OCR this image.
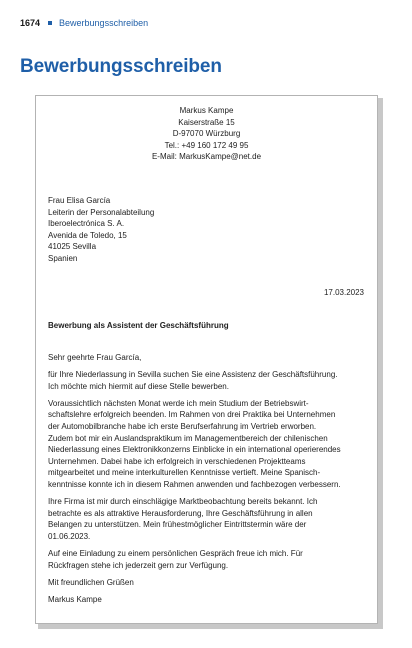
1674 Bewerbungsschreiben
Bewerbungsschreiben
Markus Kampe
Kaiserstraße 15
D-97070 Würzburg
Tel.: +49 160 172 49 95
E-Mail: MarkusKampe@net.de
Frau Elisa García
Leiterin der Personalabteilung
Iberoelectrónica S. A.
Avenida de Toledo, 15
41025 Sevilla
Spanien
17.03.2023
Bewerbung als Assistent der Geschäftsführung

Sehr geehrte Frau García,

für Ihre Niederlassung in Sevilla suchen Sie eine Assistenz der Geschäftsführung.
Ich möchte mich hiermit auf diese Stelle bewerben.

Voraussichtlich nächsten Monat werde ich mein Studium der Betriebswirt-
schaftslehre erfolgreich beenden. Im Rahmen von drei Praktika bei Unternehmen
der Automobilbranche habe ich erste Berufserfahrung im Vertrieb erworben.
Zudem bot mir ein Auslandspraktikum im Managementbereich der chilenischen
Niederlassung eines Elektronikkonzerns Einblicke in ein international operierendes
Unternehmen. Dabei habe ich erfolgreich in verschiedenen Projektteams
mitgearbeitet und meine interkulturellen Kenntnisse vertieft. Meine Spanisch-
kenntnisse konnte ich in diesem Rahmen anwenden und fachbezogen verbessern.

Ihre Firma ist mir durch einschlägige Marktbeobachtung bereits bekannt. Ich
betrachte es als attraktive Herausforderung, Ihre Geschäftsführung in allen
Belangen zu unterstützen. Mein frühestmöglicher Eintrittstermin wäre der
01.06.2023.

Auf eine Einladung zu einem persönlichen Gespräch freue ich mich. Für
Rückfragen stehe ich jederzeit gern zur Verfügung.

Mit freundlichen Grüßen

Markus Kampe
